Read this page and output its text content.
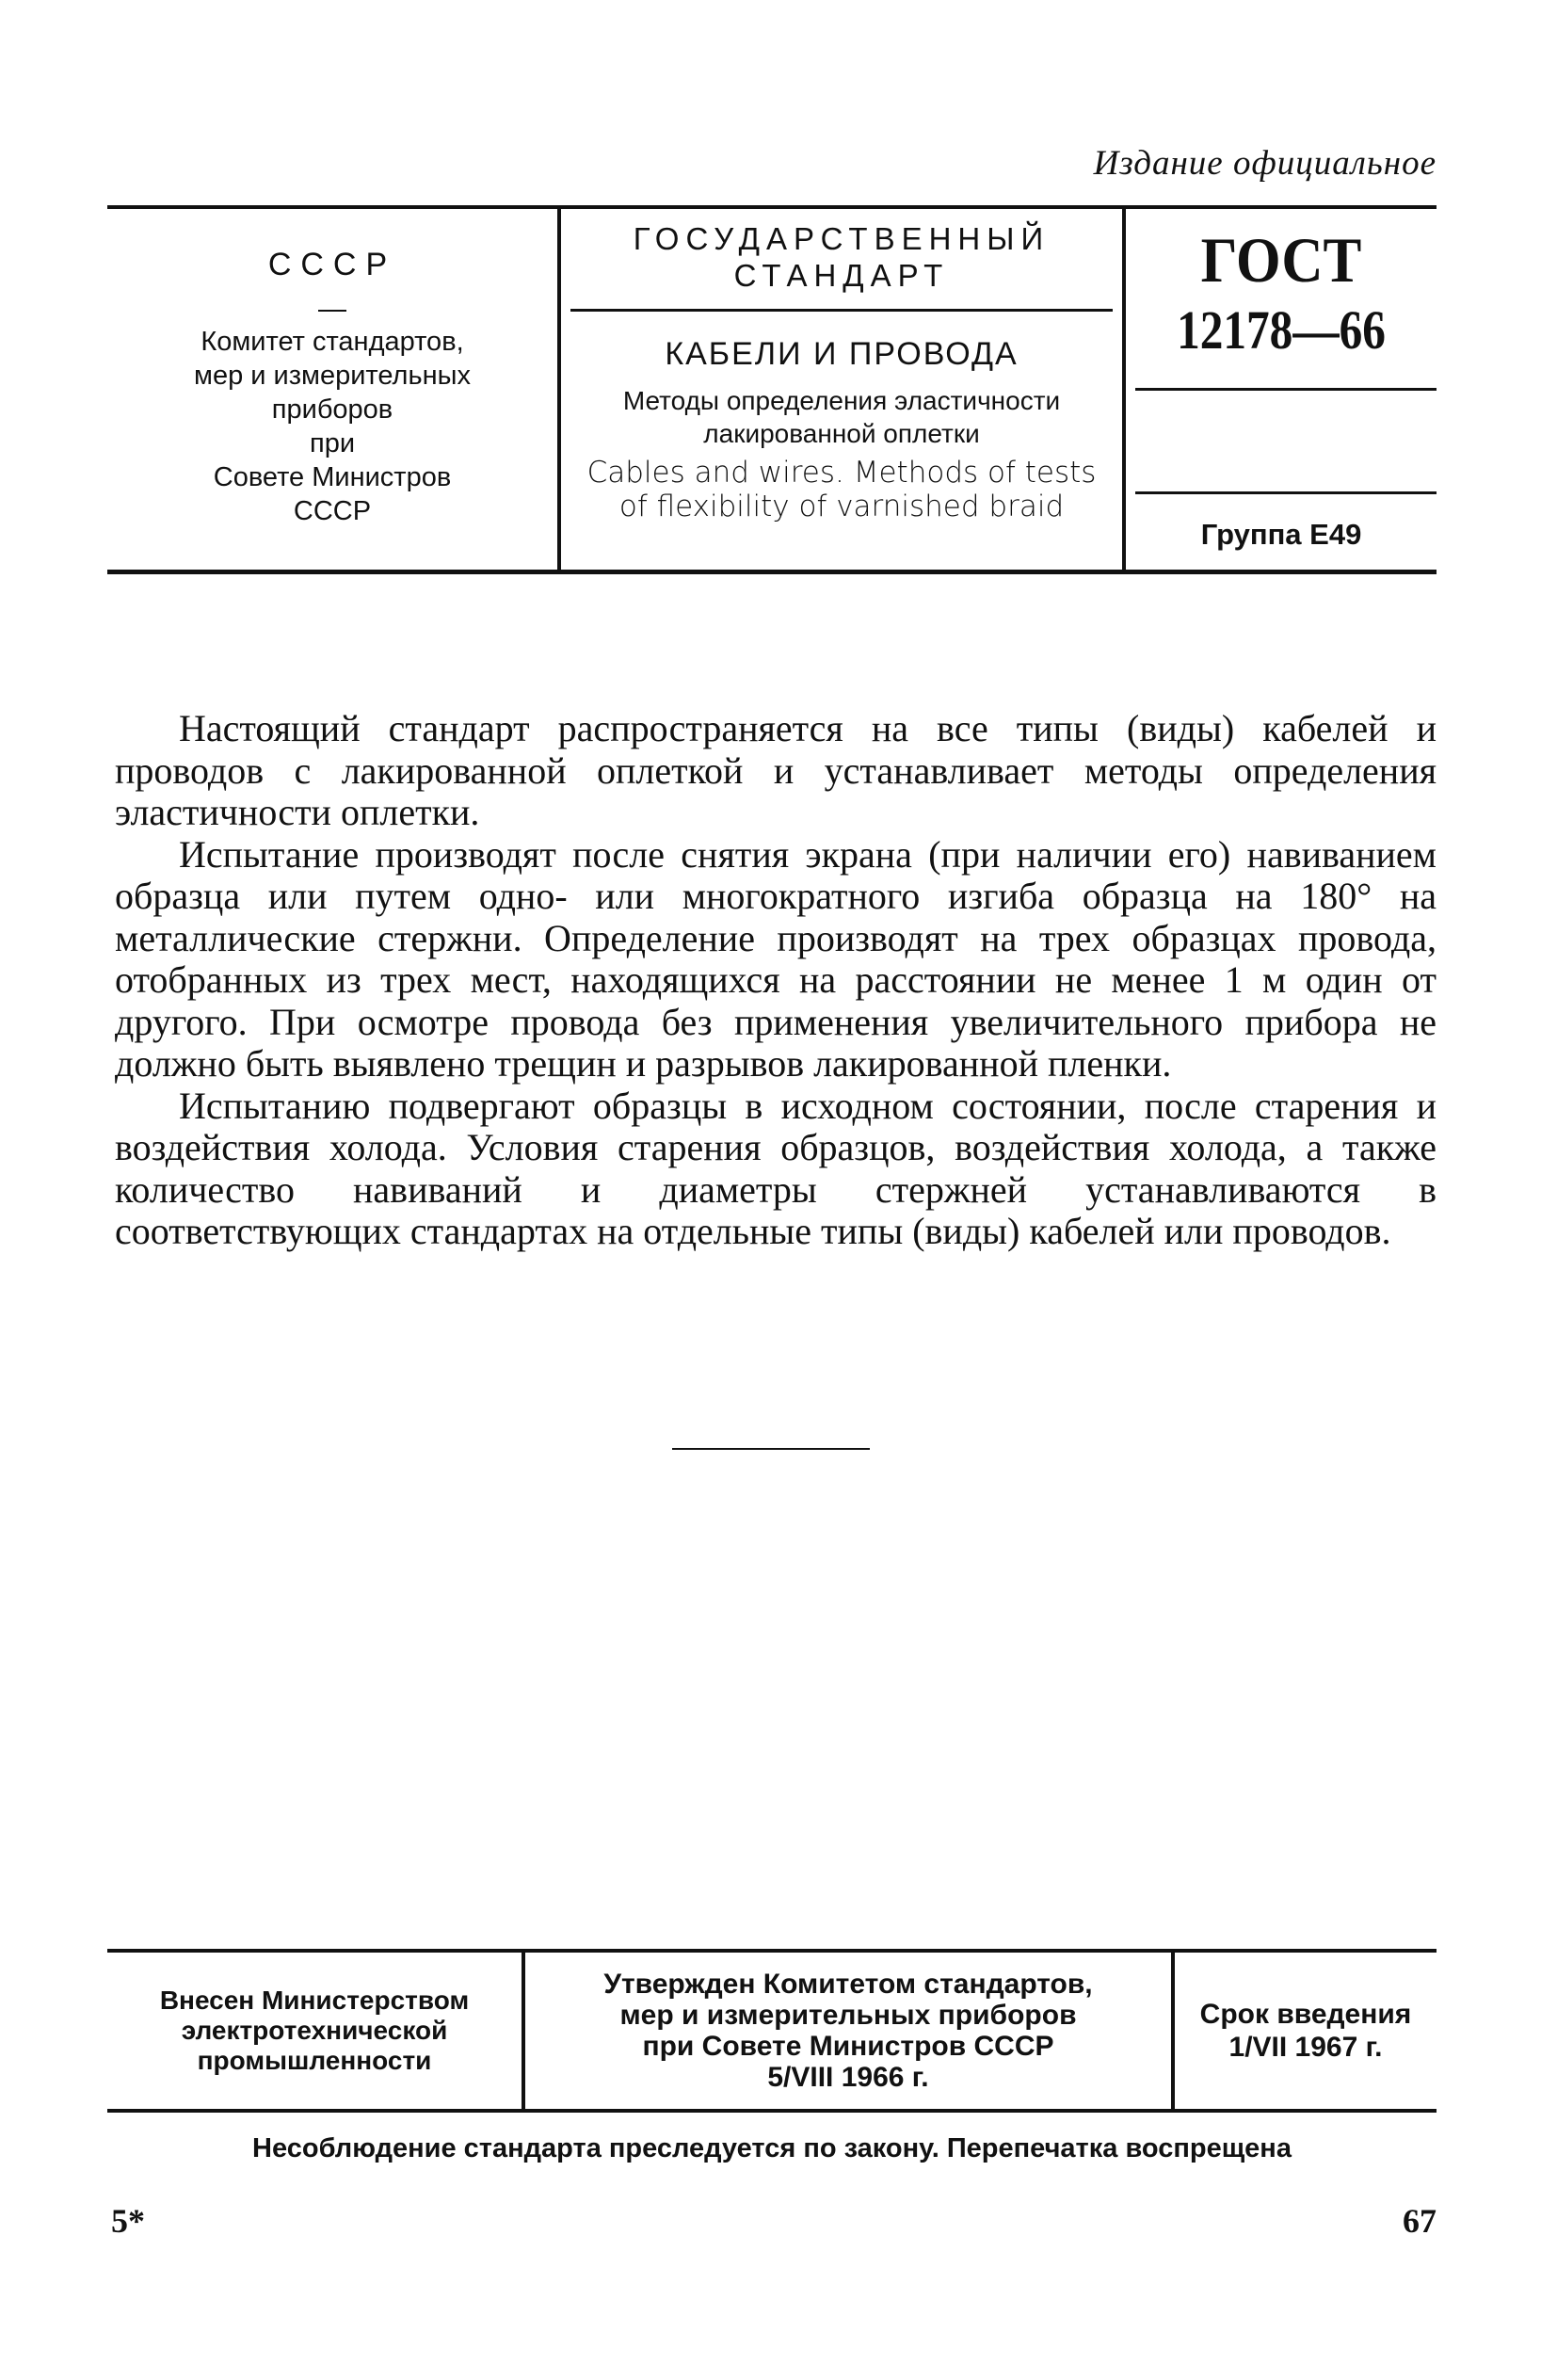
Издание официальное
СССР
Комитет стандартов,
мер и измерительных
приборов
при
Совете Министров
СССР
ГОСУДАРСТВЕННЫЙ
СТАНДАРТ
КАБЕЛИ И ПРОВОДА
Методы определения эластичности
лакированной оплетки
Cables and wires. Methods of tests
of flexibility of varnished braid
ГОСТ
12178—66
Группа Е49

Настоящий стандарт распространяется на все типы (виды) кабелей и проводов с лакированной оплеткой и устанавливает методы определения эластичности оплетки.

Испытание производят после снятия экрана (при наличии его) навиванием образца или путем одно- или многократного изгиба образца на 180° на металлические стержни. Определение производят на трех образцах провода, отобранных из трех мест, находящихся на расстоянии не менее 1 м один от другого. При осмотре провода без применения увеличительного прибора не должно быть выявлено трещин и разрывов лакированной пленки.

Испытанию подвергают образцы в исходном состоянии, после старения и воздействия холода. Условия старения образцов, воздействия холода, а также количество навиваний и диаметры стержней устанавливаются в соответствующих стандартах на отдельные типы (виды) кабелей или проводов.

Внесен Министерством
электротехнической
промышленности
Утвержден Комитетом стандартов,
мер и измерительных приборов
при Совете Министров СССР
5/VIII 1966 г.
Срок введения
1/VII 1967 г.
Несоблюдение стандарта преследуется по закону. Перепечатка воспрещена
5*	67
